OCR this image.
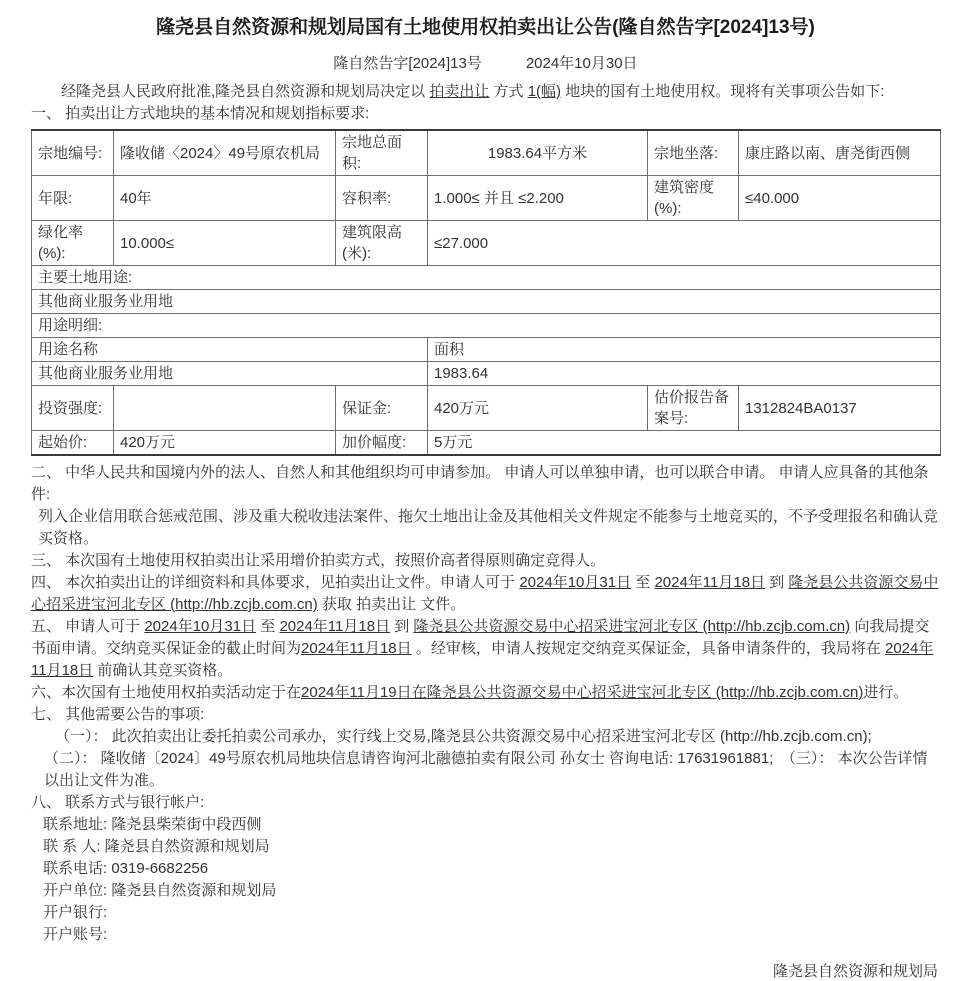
隆尧县自然资源和规划局国有土地使用权拍卖出让公告(隆自然告字[2024]13号)
隆自然告字[2024]13号	2024年10月30日

经隆尧县人民政府批准,隆尧县自然资源和规划局决定以 拍卖出让 方式 1(幅) 地块的国有土地使用权。现将有关事项公告如下:

一、 拍卖出让方式地块的基本情况和规划指标要求:
宗地编号:	隆收储〈2024〉49号原农机局	宗地总面积:	1983.64平方米	宗地坐落:	康庄路以南、唐尧街西侧
年限:	40年	容积率:	1.000≤ 并且 ≤2.200	建筑密度(%):	≤40.000
绿化率(%):	10.000≤	建筑限高(米):	≤27.000		
主要土地用途:					
其他商业服务业用地					
用途明细:					
用途名称			面积		
其他商业服务业用地			1983.64		
投资强度:		保证金:	420万元	估价报告备案号:	1312824BA0137
起始价:	420万元	加价幅度:	5万元		

二、 中华人民共和国境内外的法人、自然人和其他组织均可申请参加。 申请人可以单独申请，也可以联合申请。 申请人应具备的其他条件:

列入企业信用联合惩戒范围、涉及重大税收违法案件、拖欠土地出让金及其他相关文件规定不能参与土地竞买的，不予受理报名和确认竞买资格。

三、 本次国有土地使用权拍卖出让采用增价拍卖方式，按照价高者得原则确定竞得人。

四、 本次拍卖出让的详细资料和具体要求，见拍卖出让文件。申请人可于 2024年10月31日 至 2024年11月18日 到 隆尧县公共资源交易中心招采进宝河北专区 (http://hb.zcjb.com.cn) 获取 拍卖出让 文件。

五、 申请人可于 2024年10月31日 至 2024年11月18日 到 隆尧县公共资源交易中心招采进宝河北专区 (http://hb.zcjb.com.cn) 向我局提交书面申请。交纳竞买保证金的截止时间为2024年11月18日 。经审核，申请人按规定交纳竞买保证金，具备申请条件的，我局将在 2024年11月18日 前确认其竞买资格。

六、本次国有土地使用权拍卖活动定于在2024年11月19日在隆尧县公共资源交易中心招采进宝河北专区 (http://hb.zcjb.com.cn)进行。

七、 其他需要公告的事项:

（一）： 此次拍卖出让委托拍卖公司承办，实行线上交易,隆尧县公共资源交易中心招采进宝河北专区 (http://hb.zcjb.com.cn);

（二）： 隆收储〔2024〕49号原农机局地块信息请咨询河北融德拍卖有限公司 孙女士 咨询电话: 17631961881;　（三）： 本次公告详情以出让文件为准。

八、 联系方式与银行帐户:

联系地址: 隆尧县柴荣街中段西侧

联 系 人: 隆尧县自然资源和规划局

联系电话: 0319-6682256

开户单位: 隆尧县自然资源和规划局

开户银行:

开户账号:

隆尧县自然资源和规划局
